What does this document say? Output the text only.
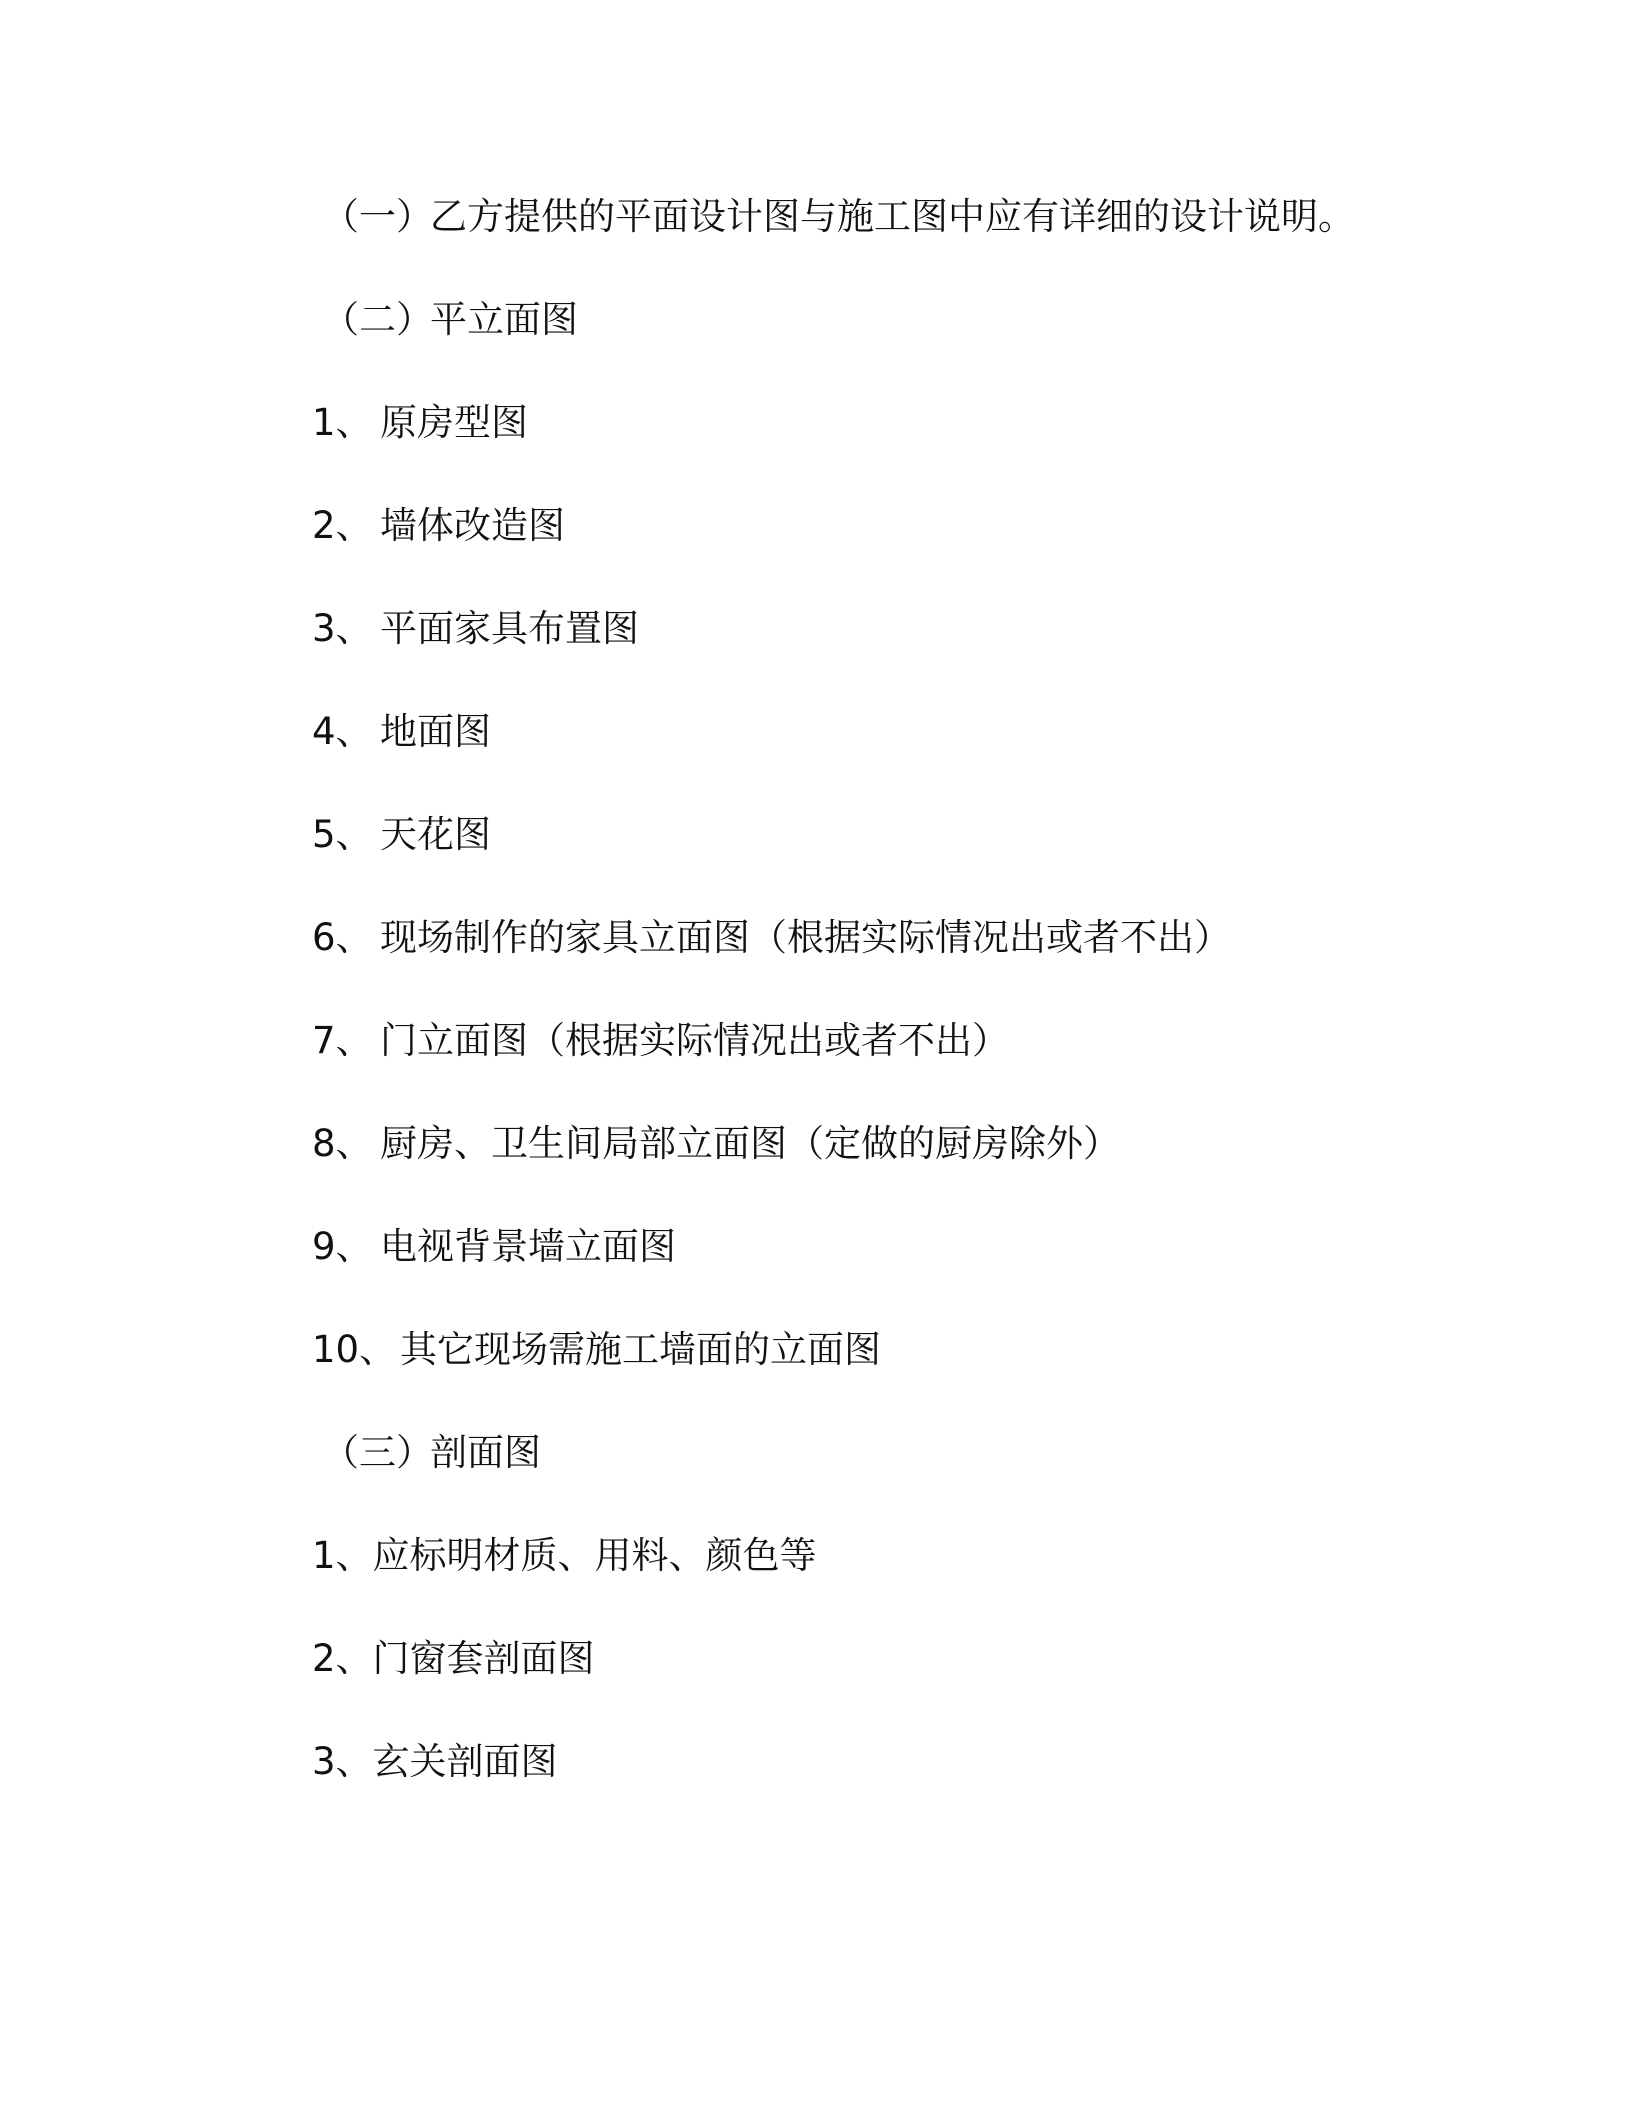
（一）
乙方提供的平面设计图与施工图中应有详细的设计说明。
（二）
平立面图
1、 原房型图
2、 墙体改造图
3、 平面家具布置图
4、 地面图
5、 天花图
6、 现场制作的家具立面图（根据实际情况出或者不出）
7、 门立面图（根据实际情况出或者不出）
8、 厨房、卫生间局部立面图（定做的厨房除外）
9、 电视背景墙立面图
10、 其它现场需施工墙面的立面图
（三）
剖面图
1、 应标明材质、用料、颜色等
2、 门窗套剖面图
3、 玄关剖面图
